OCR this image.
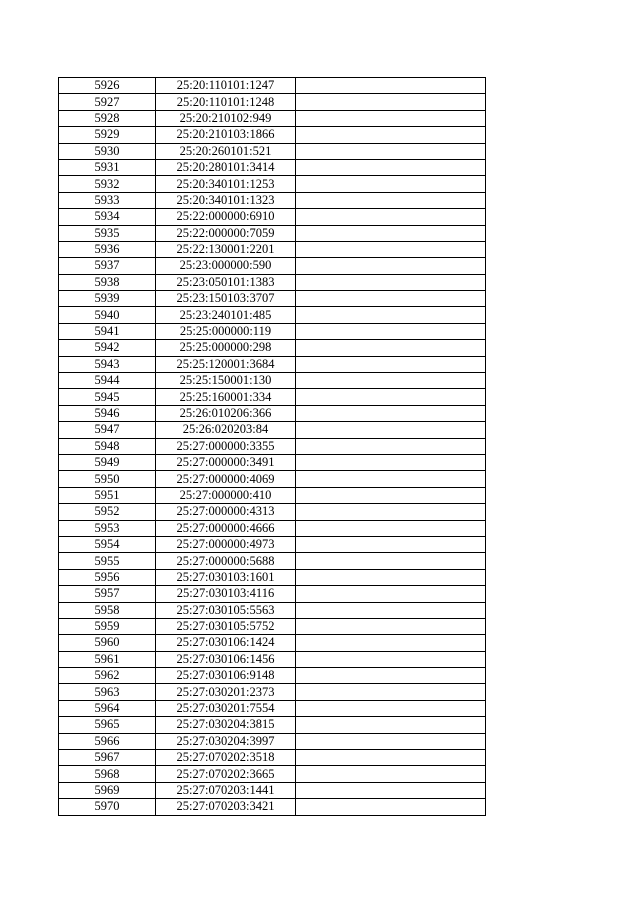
5926	25:20:110101:1247	
5927	25:20:110101:1248	
5928	25:20:210102:949	
5929	25:20:210103:1866	
5930	25:20:260101:521	
5931	25:20:280101:3414	
5932	25:20:340101:1253	
5933	25:20:340101:1323	
5934	25:22:000000:6910	
5935	25:22:000000:7059	
5936	25:22:130001:2201	
5937	25:23:000000:590	
5938	25:23:050101:1383	
5939	25:23:150103:3707	
5940	25:23:240101:485	
5941	25:25:000000:119	
5942	25:25:000000:298	
5943	25:25:120001:3684	
5944	25:25:150001:130	
5945	25:25:160001:334	
5946	25:26:010206:366	
5947	25:26:020203:84	
5948	25:27:000000:3355	
5949	25:27:000000:3491	
5950	25:27:000000:4069	
5951	25:27:000000:410	
5952	25:27:000000:4313	
5953	25:27:000000:4666	
5954	25:27:000000:4973	
5955	25:27:000000:5688	
5956	25:27:030103:1601	
5957	25:27:030103:4116	
5958	25:27:030105:5563	
5959	25:27:030105:5752	
5960	25:27:030106:1424	
5961	25:27:030106:1456	
5962	25:27:030106:9148	
5963	25:27:030201:2373	
5964	25:27:030201:7554	
5965	25:27:030204:3815	
5966	25:27:030204:3997	
5967	25:27:070202:3518	
5968	25:27:070202:3665	
5969	25:27:070203:1441	
5970	25:27:070203:3421	
